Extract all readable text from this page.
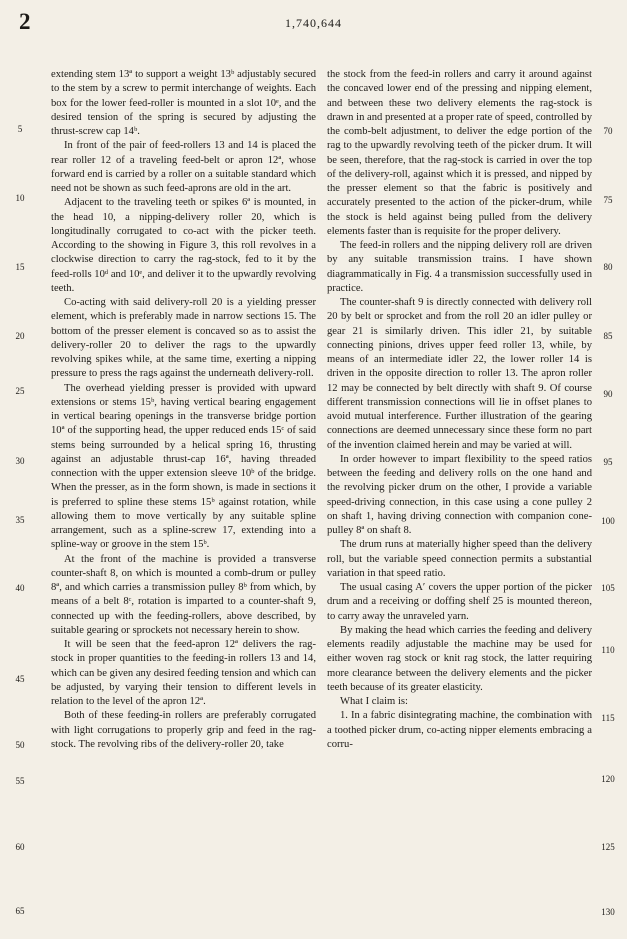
2	1,740,644

extending stem 13ª to support a weight 13ᵇ adjustably secured to the stem by a screw to permit interchange of weights. Each box for the lower feed-roller is mounted in a slot 10ᵉ, and the desired tension of the spring is secured by adjusting the thrust-screw cap 14ᵇ.

In front of the pair of feed-rollers 13 and 14 is placed the rear roller 12 of a traveling feed-belt or apron 12ª, whose forward end is carried by a roller on a suitable standard which need not be shown as such feed-aprons are old in the art.

Adjacent to the traveling teeth or spikes 6ª is mounted, in the head 10, a nipping-delivery roller 20, which is longitudinally corrugated to co-act with the picker teeth. According to the showing in Figure 3, this roll revolves in a clockwise direction to carry the rag-stock, fed to it by the feed-rolls 10ᵈ and 10ᵉ, and deliver it to the upwardly revolving teeth.

Co-acting with said delivery-roll 20 is a yielding presser element, which is preferably made in narrow sections 15. The bottom of the presser element is concaved so as to assist the delivery-roller 20 to deliver the rags to the upwardly revolving spikes while, at the same time, exerting a nipping pressure to press the rags against the underneath delivery-roll.

The overhead yielding presser is provided with upward extensions or stems 15ᵇ, having vertical bearing engagement in vertical bearing openings in the transverse bridge portion 10ª of the supporting head, the upper reduced ends 15ᶜ of said stems being surrounded by a helical spring 16, thrusting against an adjustable thrust-cap 16ª, having threaded connection with the upper extension sleeve 10ᵇ of the bridge. When the presser, as in the form shown, is made in sections it is preferred to spline these stems 15ᵇ against rotation, while allowing them to move vertically by any suitable spline arrangement, such as a spline-screw 17, extending into a spline-way or groove in the stem 15ᵇ.

At the front of the machine is provided a transverse counter-shaft 8, on which is mounted a comb-drum or pulley 8ª, and which carries a transmission pulley 8ᵇ from which, by means of a belt 8ᶜ, rotation is imparted to a counter-shaft 9, connected up with the feeding-rollers, above described, by suitable gearing or sprockets not necessary herein to show.

It will be seen that the feed-apron 12ª delivers the rag-stock in proper quantities to the feeding-in rollers 13 and 14, which can be given any desired feeding tension and which can be adjusted, by varying their tension to different levels in relation to the level of the apron 12ª.

Both of these feeding-in rollers are preferably corrugated with light corrugations to properly grip and feed in the rag-stock. The revolving ribs of the delivery-roller 20, take

the stock from the feed-in rollers and carry it around against the concaved lower end of the pressing and nipping element, and between these two delivery elements the rag-stock is drawn in and presented at a proper rate of speed, controlled by the comb-belt adjustment, to deliver the edge portion of the rag to the upwardly revolving teeth of the picker drum. It will be seen, therefore, that the rag-stock is carried in over the top of the delivery-roll, against which it is pressed, and nipped by the presser element so that the fabric is positively and accurately presented to the action of the picker-drum, while the stock is held against being pulled from the delivery elements faster than is requisite for the proper delivery.

The feed-in rollers and the nipping delivery roll are driven by any suitable transmission trains. I have shown diagrammatically in Fig. 4 a transmission successfully used in practice.

The counter-shaft 9 is directly connected with delivery roll 20 by belt or sprocket and from the roll 20 an idler pulley or gear 21 is similarly driven. This idler 21, by suitable connecting pinions, drives upper feed roller 13, while, by means of an intermediate idler 22, the lower roller 14 is driven in the opposite direction to roller 13. The apron roller 12 may be connected by belt directly with shaft 9. Of course different transmission connections will lie in offset planes to avoid mutual interference. Further illustration of the gearing connections are deemed unnecessary since these form no part of the invention claimed herein and may be varied at will.

In order however to impart flexibility to the speed ratios between the feeding and delivery rolls on the one hand and the revolving picker drum on the other, I provide a variable speed-driving connection, in this case using a cone pulley 2 on shaft 1, having driving connection with companion cone-pulley 8ª on shaft 8.

The drum runs at materially higher speed than the delivery roll, but the variable speed connection permits a substantial variation in that speed ratio.

The usual casing A′ covers the upper portion of the picker drum and a receiving or doffing shelf 25 is mounted thereon, to carry away the unraveled yarn.

By making the head which carries the feeding and delivery elements readily adjustable the machine may be used for either woven rag stock or knit rag stock, the latter requiring more clearance between the delivery elements and the picker teeth because of its greater elasticity.

What I claim is:

1. In a fabric disintegrating machine, the combination with a toothed picker drum, co-acting nipper elements embracing a corru-

5
10
15
20
25
30
35
40
45
50
55
60
65
70
75
80
85
90
95
100
105
110
115
120
125
130
